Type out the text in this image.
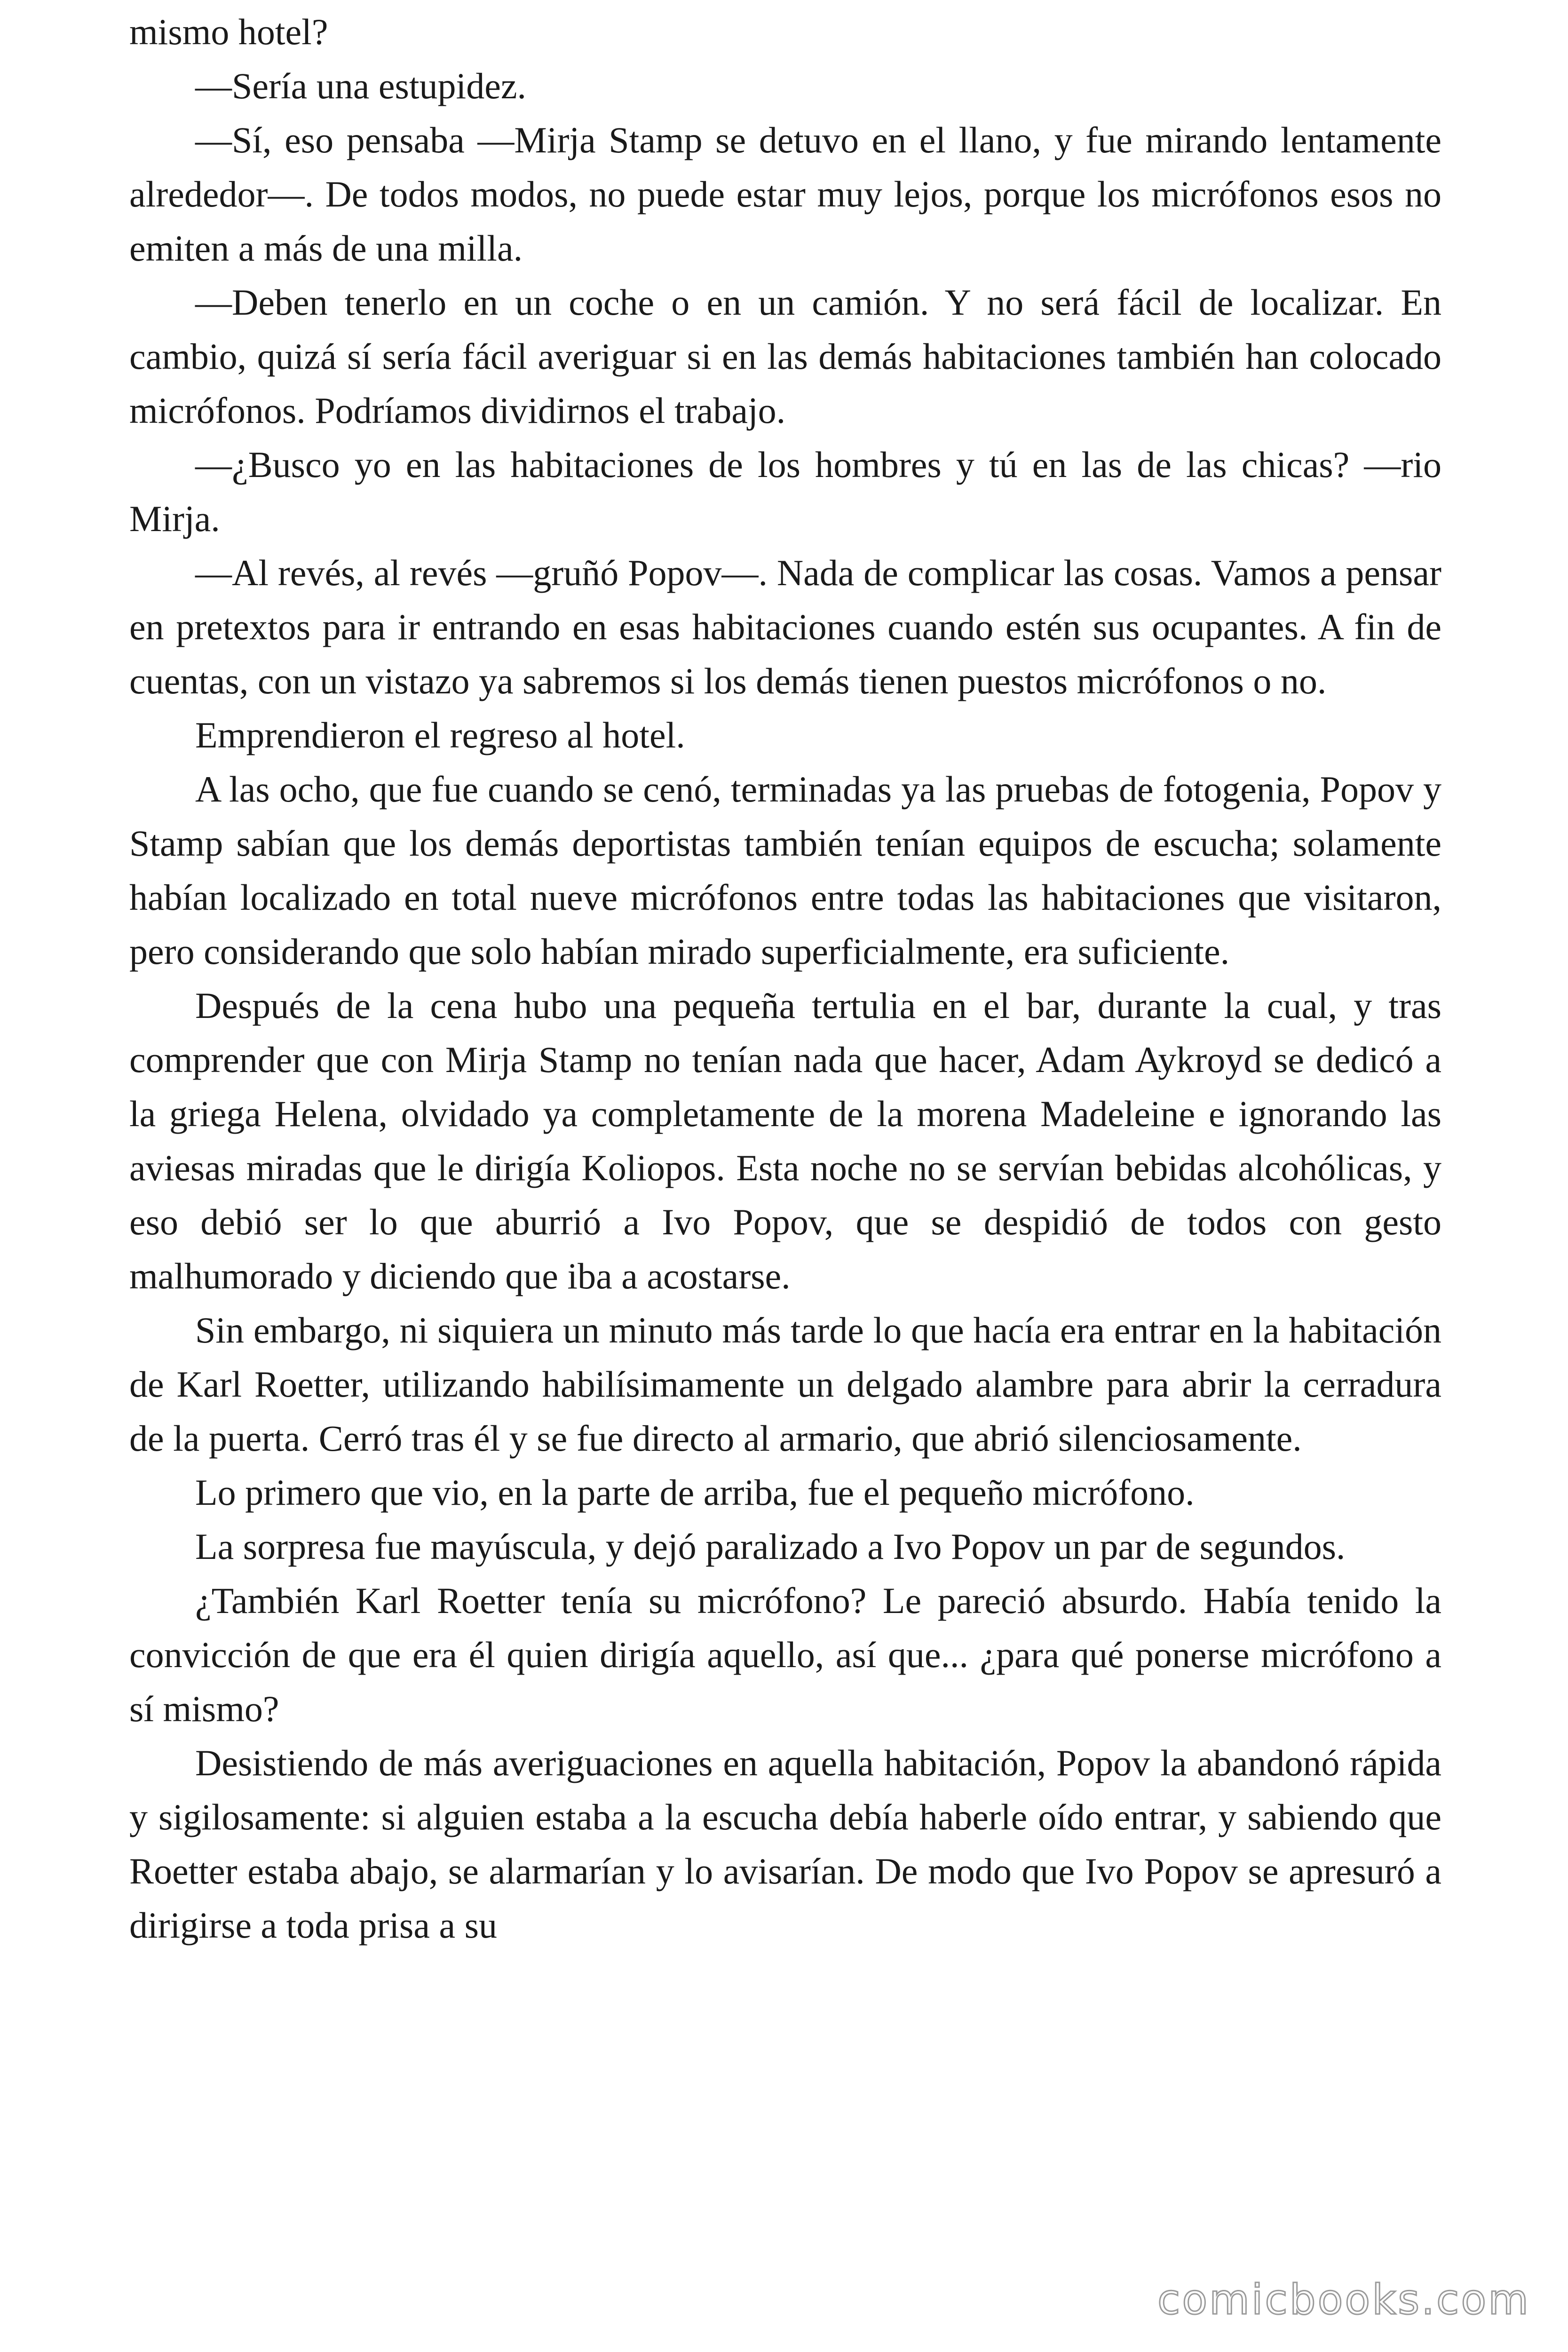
mismo hotel?

—Sería una estupidez.

—Sí, eso pensaba —Mirja Stamp se detuvo en el llano, y fue mirando lentamente alrededor—. De todos modos, no puede estar muy lejos, porque los micrófonos esos no emiten a más de una milla.

—Deben tenerlo en un coche o en un camión. Y no será fácil de localizar. En cambio, quizá sí sería fácil averiguar si en las demás habitaciones también han colocado micrófonos. Podríamos dividirnos el trabajo.

—¿Busco yo en las habitaciones de los hombres y tú en las de las chicas? —rio Mirja.

—Al revés, al revés —gruñó Popov—. Nada de complicar las cosas. Vamos a pensar en pretextos para ir entrando en esas habitaciones cuando estén sus ocupantes. A fin de cuentas, con un vistazo ya sabremos si los demás tienen puestos micrófonos o no.

Emprendieron el regreso al hotel.

A las ocho, que fue cuando se cenó, terminadas ya las pruebas de fotogenia, Popov y Stamp sabían que los demás deportistas también tenían equipos de escucha; solamente habían localizado en total nueve micrófonos entre todas las habitaciones que visitaron, pero considerando que solo habían mirado superficialmente, era suficiente.

Después de la cena hubo una pequeña tertulia en el bar, durante la cual, y tras comprender que con Mirja Stamp no tenían nada que hacer, Adam Aykroyd se dedicó a la griega Helena, olvidado ya completamente de la morena Madeleine e ignorando las aviesas miradas que le dirigía Koliopos. Esta noche no se servían bebidas alcohólicas, y eso debió ser lo que aburrió a Ivo Popov, que se despidió de todos con gesto malhumorado y diciendo que iba a acostarse.

Sin embargo, ni siquiera un minuto más tarde lo que hacía era entrar en la habitación de Karl Roetter, utilizando habilísimamente un delgado alambre para abrir la cerradura de la puerta. Cerró tras él y se fue directo al armario, que abrió silenciosamente.

Lo primero que vio, en la parte de arriba, fue el pequeño micrófono.

La sorpresa fue mayúscula, y dejó paralizado a Ivo Popov un par de segundos.

¿También Karl Roetter tenía su micrófono? Le pareció absurdo. Había tenido la convicción de que era él quien dirigía aquello, así que... ¿para qué ponerse micrófono a sí mismo?

Desistiendo de más averiguaciones en aquella habitación, Popov la abandonó rápida y sigilosamente: si alguien estaba a la escucha debía haberle oído entrar, y sabiendo que Roetter estaba abajo, se alarmarían y lo avisarían. De modo que Ivo Popov se apresuró a dirigirse a toda prisa a su

comicbooks.com
